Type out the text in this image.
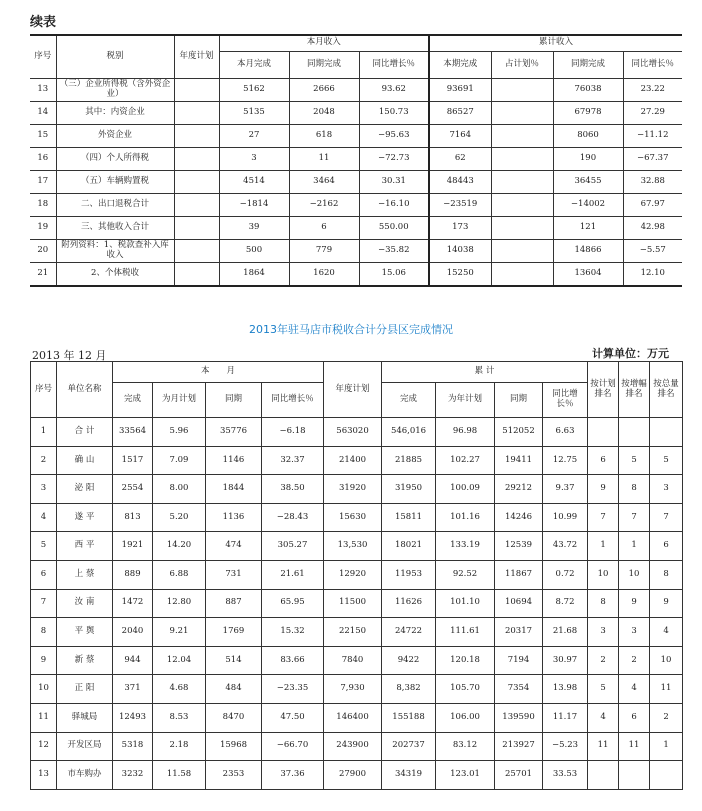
续表
序号	税别	年度计划	本月收入			累计收入			
			本月完成	同期完成	同比增长％	本期完成	占计划％	同期完成	同比增长％
13	（三）企业所得税（含外资企业）		5162	2666	93.62	93691		76038	23.22
14	其中：内资企业		5135	2048	150.73	86527		67978	27.29
15	外资企业		27	618	−95.63	7164		8060	−11.12
16	（四）个人所得税		3	11	−72.73	62		190	−67.37
17	（五）车辆购置税		4514	3464	30.31	48443		36455	32.88
18	二、出口退税合计		−1814	−2162	−16.10	−23519		−14002	67.97
19	三、其他收入合计		39	6	550.00	173		121	42.98
20	附列资料：1、税款查补入库收入		500	779	−35.82	14038		14866	−5.57
21	2、个体税收		1864	1620	15.06	15250		13604	12.10
2013年驻马店市税收合计分县区完成情况
2013 年 12 月	计算单位：万元
序号	单位名称	本　　月				年度计划	累 计				按计划排名	按增幅排名	按总量排名
		完成	为月计划	同期	同比增长％		完成	为年计划	同期	同比增长％			
1	合 计	33564	5.96	35776	−6.18	563020	546,016	96.98	512052	6.63			
2	确 山	1517	7.09	1146	32.37	21400	21885	102.27	19411	12.75	6	5	5
3	泌 阳	2554	8.00	1844	38.50	31920	31950	100.09	29212	9.37	9	8	3
4	遂 平	813	5.20	1136	−28.43	15630	15811	101.16	14246	10.99	7	7	7
5	西 平	1921	14.20	474	305.27	13,530	18021	133.19	12539	43.72	1	1	6
6	上 蔡	889	6.88	731	21.61	12920	11953	92.52	11867	0.72	10	10	8
7	汝 南	1472	12.80	887	65.95	11500	11626	101.10	10694	8.72	8	9	9
8	平 舆	2040	9.21	1769	15.32	22150	24722	111.61	20317	21.68	3	3	4
9	新 蔡	944	12.04	514	83.66	7840	9422	120.18	7194	30.97	2	2	10
10	正 阳	371	4.68	484	−23.35	7,930	8,382	105.70	7354	13.98	5	4	11
11	驿城局	12493	8.53	8470	47.50	146400	155188	106.00	139590	11.17	4	6	2
12	开发区局	5318	2.18	15968	−66.70	243900	202737	83.12	213927	−5.23	11	11	1
13	市车购办	3232	11.58	2353	37.36	27900	34319	123.01	25701	33.53			
